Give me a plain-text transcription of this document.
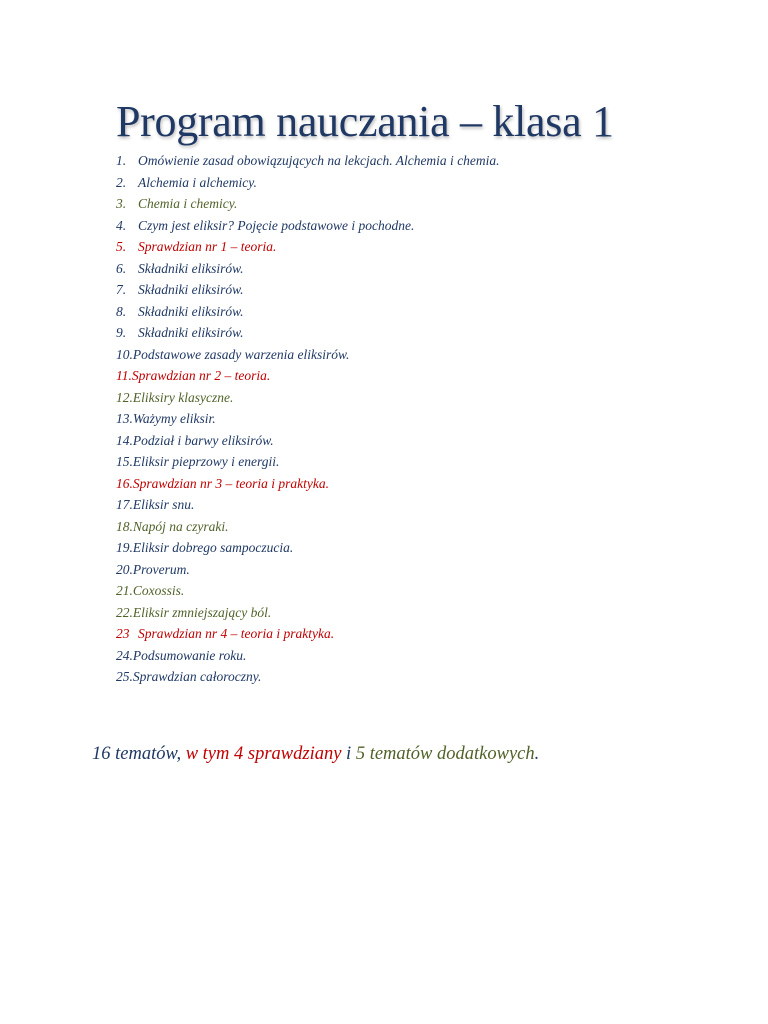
Program nauczania – klasa 1
1. Omówienie zasad obowiązujących na lekcjach. Alchemia i chemia.
2. Alchemia i alchemicy.
3. Chemia i chemicy.
4. Czym jest eliksir? Pojęcie podstawowe i pochodne.
5. Sprawdzian nr 1 – teoria.
6. Składniki eliksirów.
7. Składniki eliksirów.
8. Składniki eliksirów.
9. Składniki eliksirów.
10. Podstawowe zasady warzenia eliksirów.
11. Sprawdzian nr 2 – teoria.
12. Eliksiry klasyczne.
13. Ważymy eliksir.
14. Podział i barwy eliksirów.
15. Eliksir pieprzowy i energii.
16. Sprawdzian nr 3 – teoria i praktyka.
17. Eliksir snu.
18. Napój na czyraki.
19. Eliksir dobrego sampoczucia.
20. Proverum.
21. Coxossis.
22. Eliksir zmniejszający ból.
23 Sprawdzian nr 4 – teoria i praktyka.
24. Podsumowanie roku.
25. Sprawdzian całoroczny.

16 tematów, w tym 4 sprawdziany i 5 tematów dodatkowych.
